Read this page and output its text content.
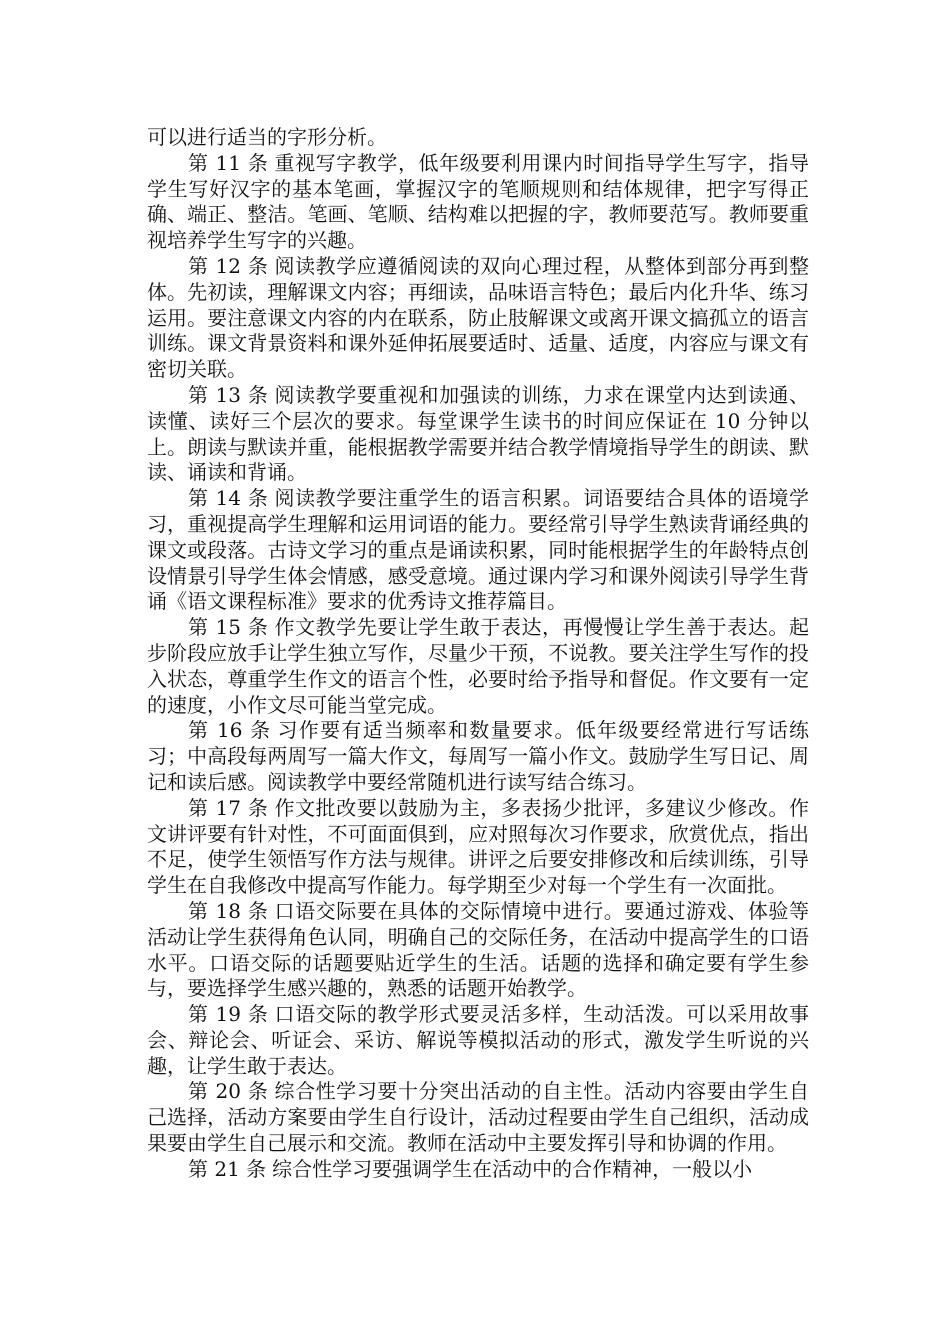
可以进行适当的字形分析。

第 11 条 重视写字教学，低年级要利用课内时间指导学生写字，指导学生写好汉字的基本笔画，掌握汉字的笔顺规则和结体规律，把字写得正确、端正、整洁。笔画、笔顺、结构难以把握的字，教师要范写。教师要重视培养学生写字的兴趣。

第 12 条 阅读教学应遵循阅读的双向心理过程，从整体到部分再到整体。先初读，理解课文内容；再细读，品味语言特色；最后内化升华、练习运用。要注意课文内容的内在联系，防止肢解课文或离开课文搞孤立的语言训练。课文背景资料和课外延伸拓展要适时、适量、适度，内容应与课文有密切关联。

第 13 条 阅读教学要重视和加强读的训练，力求在课堂内达到读通、读懂、读好三个层次的要求。每堂课学生读书的时间应保证在 10 分钟以上。朗读与默读并重，能根据教学需要并结合教学情境指导学生的朗读、默读、诵读和背诵。

第 14 条 阅读教学要注重学生的语言积累。词语要结合具体的语境学习，重视提高学生理解和运用词语的能力。要经常引导学生熟读背诵经典的课文或段落。古诗文学习的重点是诵读积累，同时能根据学生的年龄特点创设情景引导学生体会情感，感受意境。通过课内学习和课外阅读引导学生背诵《语文课程标准》要求的优秀诗文推荐篇目。

第 15 条 作文教学先要让学生敢于表达，再慢慢让学生善于表达。起步阶段应放手让学生独立写作，尽量少干预，不说教。要关注学生写作的投入状态，尊重学生作文的语言个性，必要时给予指导和督促。作文要有一定的速度，小作文尽可能当堂完成。

第 16 条 习作要有适当频率和数量要求。低年级要经常进行写话练习；中高段每两周写一篇大作文，每周写一篇小作文。鼓励学生写日记、周记和读后感。阅读教学中要经常随机进行读写结合练习。

第 17 条 作文批改要以鼓励为主，多表扬少批评，多建议少修改。作文讲评要有针对性，不可面面俱到，应对照每次习作要求，欣赏优点，指出不足，使学生领悟写作方法与规律。讲评之后要安排修改和后续训练，引导学生在自我修改中提高写作能力。每学期至少对每一个学生有一次面批。

第 18 条 口语交际要在具体的交际情境中进行。要通过游戏、体验等活动让学生获得角色认同，明确自己的交际任务，在活动中提高学生的口语水平。口语交际的话题要贴近学生的生活。话题的选择和确定要有学生参与，要选择学生感兴趣的，熟悉的话题开始教学。

第 19 条 口语交际的教学形式要灵活多样，生动活泼。可以采用故事会、辩论会、听证会、采访、解说等模拟活动的形式，激发学生听说的兴趣，让学生敢于表达。

第 20 条 综合性学习要十分突出活动的自主性。活动内容要由学生自己选择，活动方案要由学生自行设计，活动过程要由学生自己组织，活动成果要由学生自己展示和交流。教师在活动中主要发挥引导和协调的作用。

第 21 条 综合性学习要强调学生在活动中的合作精神，一般以小
